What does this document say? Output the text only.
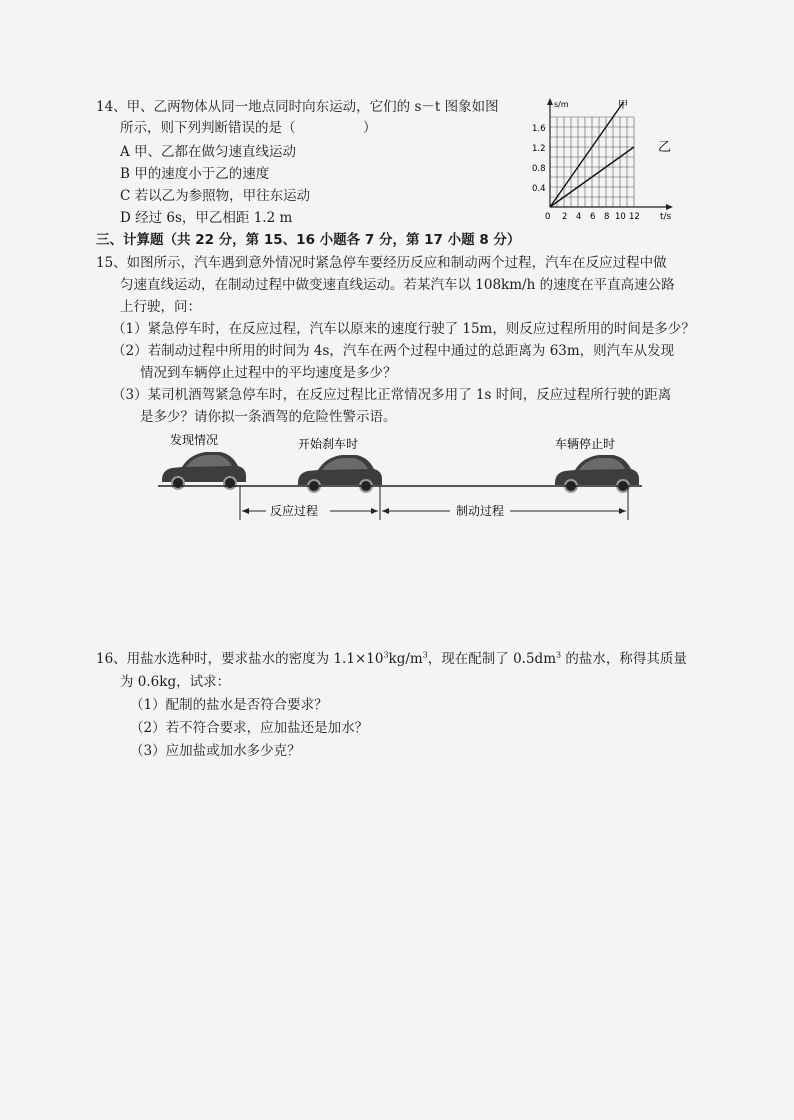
14、甲、乙两物体从同一地点同时向东运动，它们的 s－t 图象如图
所示，则下列判断错误的是（　　　　　）
A 甲、乙都在做匀速直线运动
B 甲的速度小于乙的速度
C 若以乙为参照物，甲往东运动
D 经过 6s，甲乙相距 1.2 m
s/m
t/s
1.6
1.2
0.8
0.4
0 2 4 6 8 10 12
甲
乙
三、计算题（共 22 分，第 15、16 小题各 7 分，第 17 小题 8 分）
15、如图所示，汽车遇到意外情况时紧急停车要经历反应和制动两个过程，汽车在反应过程中做
匀速直线运动，在制动过程中做变速直线运动。若某汽车以 108km/h 的速度在平直高速公路
上行驶，问：
（1）紧急停车时，在反应过程，汽车以原来的速度行驶了 15m，则反应过程所用的时间是多少？
（2）若制动过程中所用的时间为 4s，汽车在两个过程中通过的总距离为 63m，则汽车从发现
情况到车辆停止过程中的平均速度是多少？
（3）某司机酒驾紧急停车时，在反应过程比正常情况多用了 1s 时间，反应过程所行驶的距离
是多少？请你拟一条酒驾的危险性警示语。
发现情况	开始刹车时	车辆停止时
反应过程	制动过程
16、用盐水选种时，要求盐水的密度为 $1.1\times 10^3kg/m^3$，现在配制了 $0.5dm^3$ 的盐水，称得其质量
为 0.6kg，试求：
（1）配制的盐水是否符合要求？
（2）若不符合要求，应加盐还是加水？
（3）应加盐或加水多少克？
